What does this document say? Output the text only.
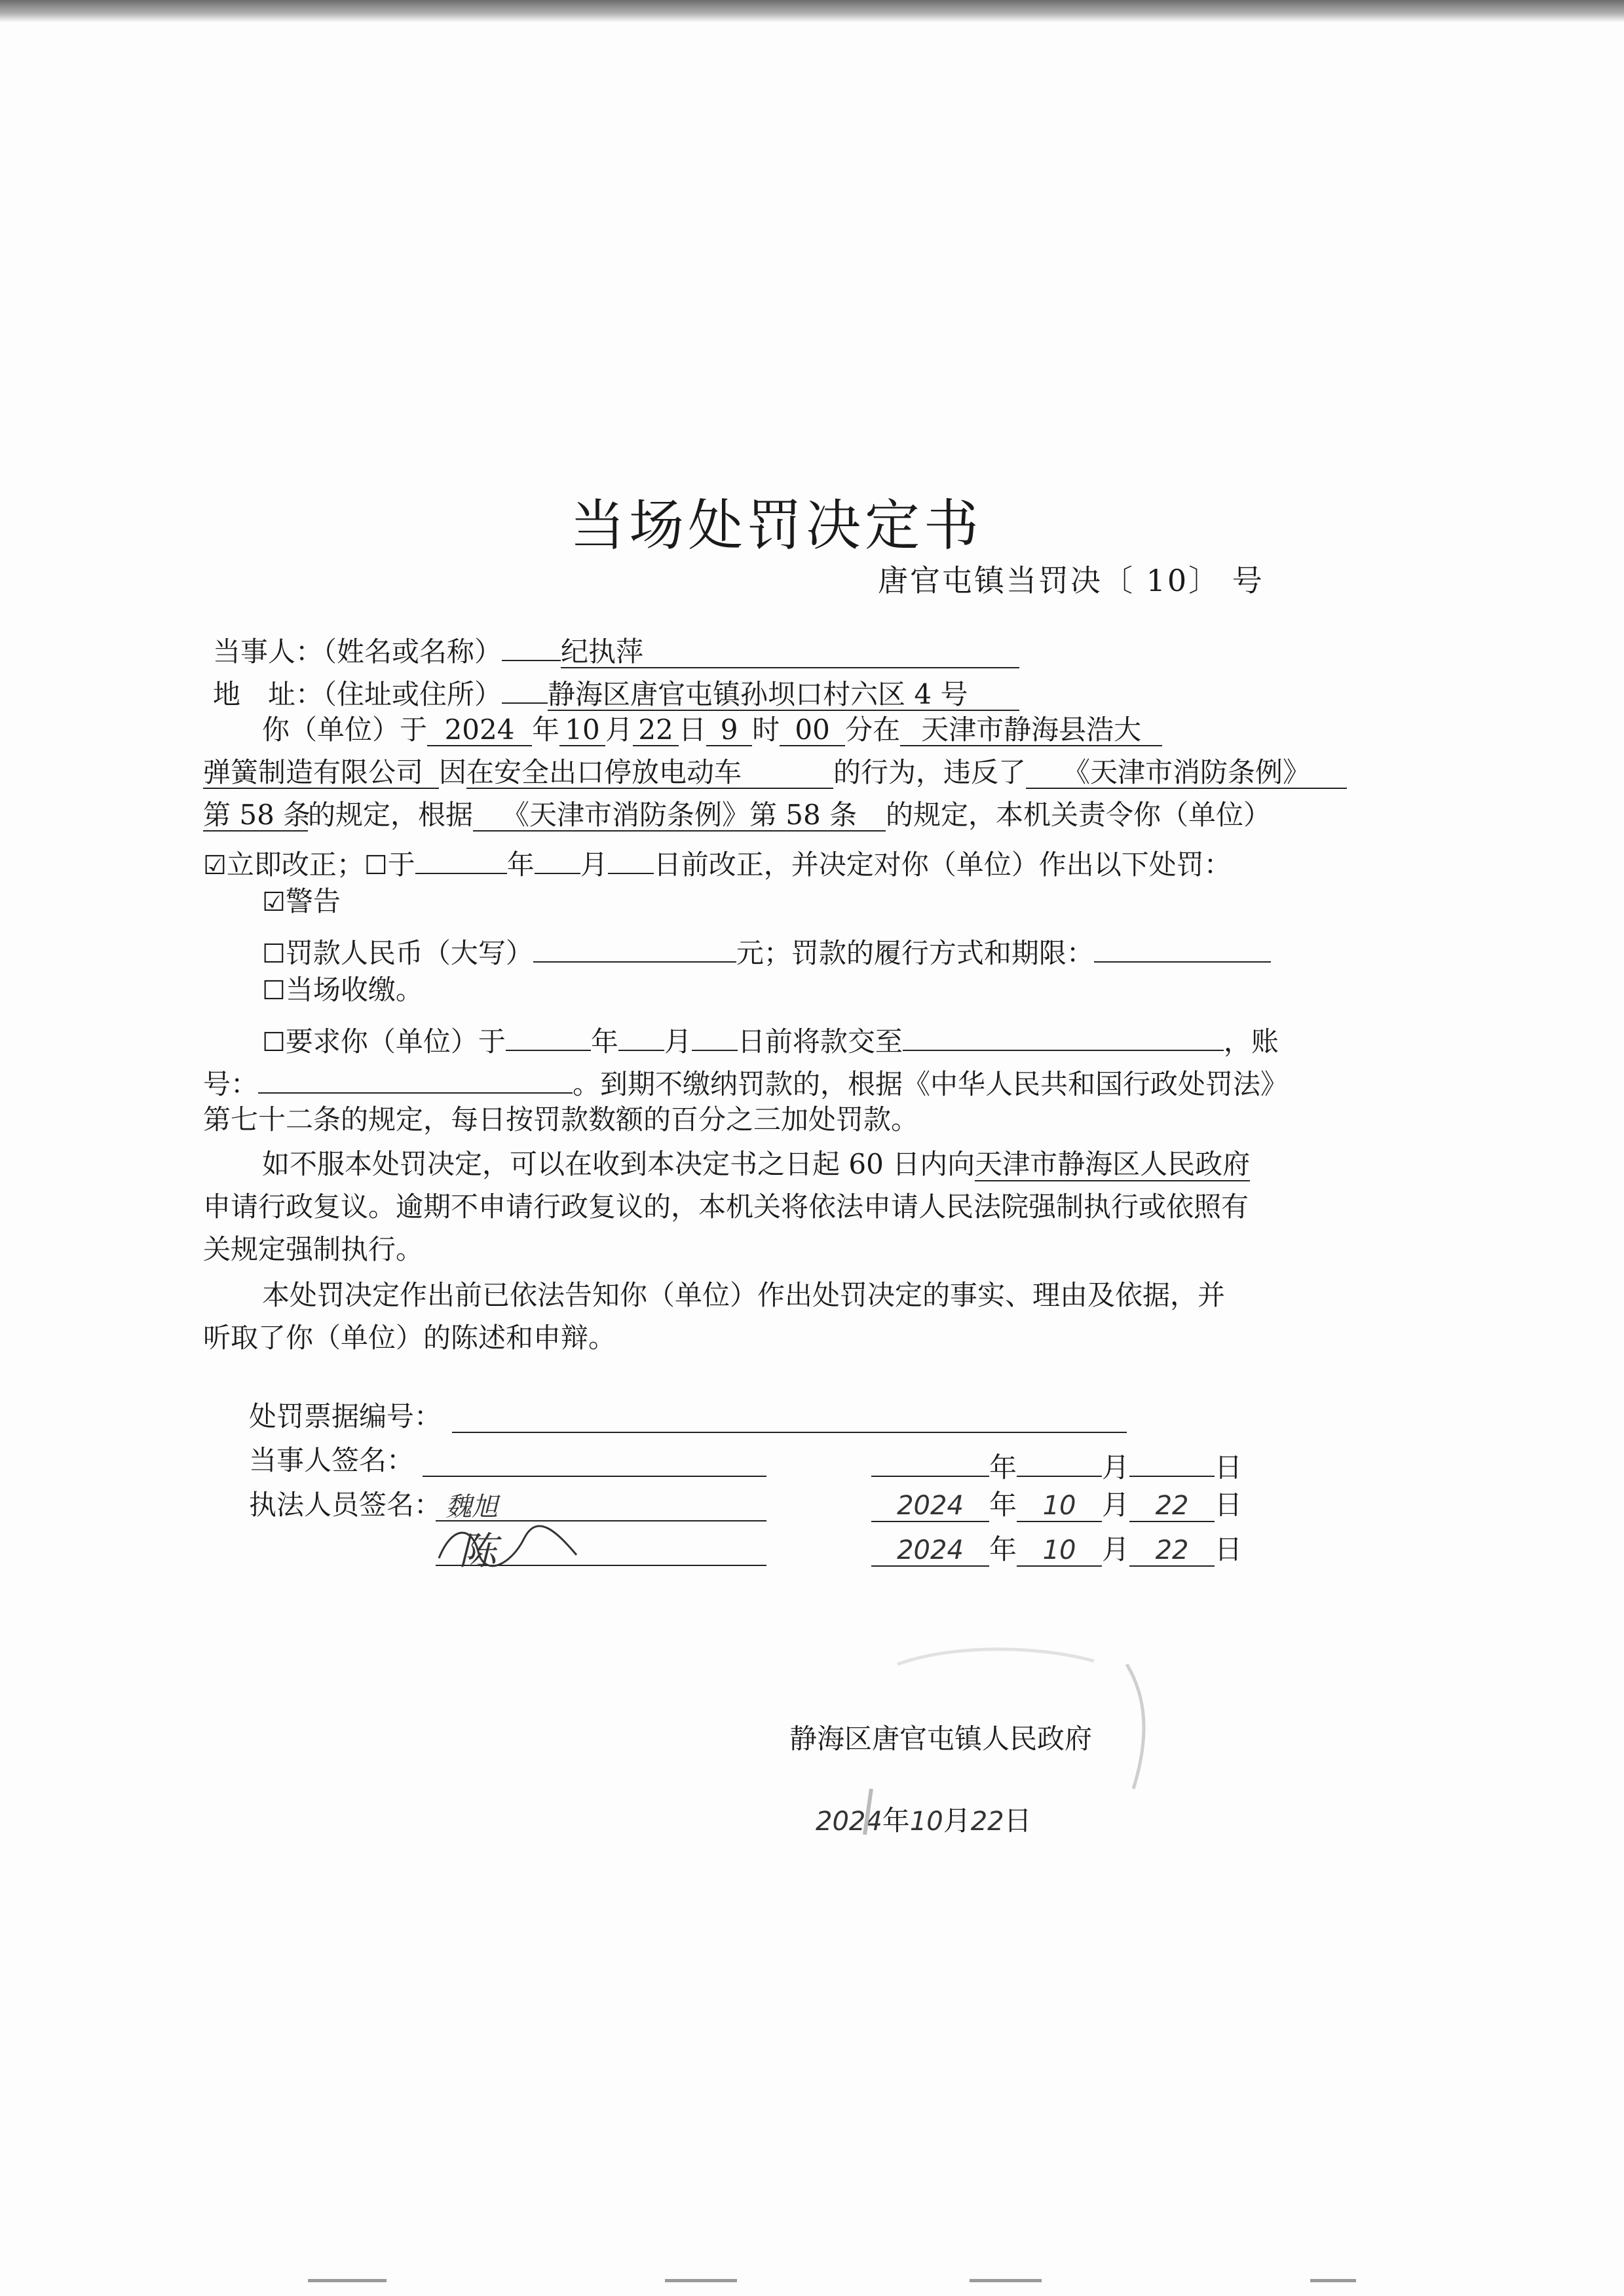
当场处罚决定书
唐官屯镇当罚决〔 10〕 号
当事人：（姓名或名称） 纪执萍
地　址：（住址或住所） 静海区唐官屯镇孙坝口村六区 4 号
你（单位）于 2024 年 10 月 22 日 9 时 00 分在 天津市静海县浩大
弹簧制造有限公司 因在安全出口停放电动车	的行为，违反了 《天津市消防条例》
第 58 条的规定，根据 《天津市消防条例》第 58 条 的规定，本机关责令你（单位）
☑立即改正；☐于	年 月 日前改正，并决定对你（单位）作出以下处罚：
☑警告
☐罚款人民币（大写）	元；罚款的履行方式和期限：
☐当场收缴。
☐要求你（单位）于	年 月 日前将款交至	，账
号：	。到期不缴纳罚款的，根据《中华人民共和国行政处罚法》
第七十二条的规定，每日按罚款数额的百分之三加处罚款。
如不服本处罚决定，可以在收到本决定书之日起 60 日内向天津市静海区人民政府
申请行政复议。逾期不申请行政复议的，本机关将依法申请人民法院强制执行或依照有
关规定强制执行。
本处罚决定作出前已依法告知你（单位）作出处罚决定的事实、理由及依据，并
听取了你（单位）的陈述和申辩。
处罚票据编号：
当事人签名：	年	月	日
执法人员签名： 魏旭	2024 年 10 月 22 日
陈	2024 年 10 月 22 日
静海区唐官屯镇人民政府
2024年10月22日
